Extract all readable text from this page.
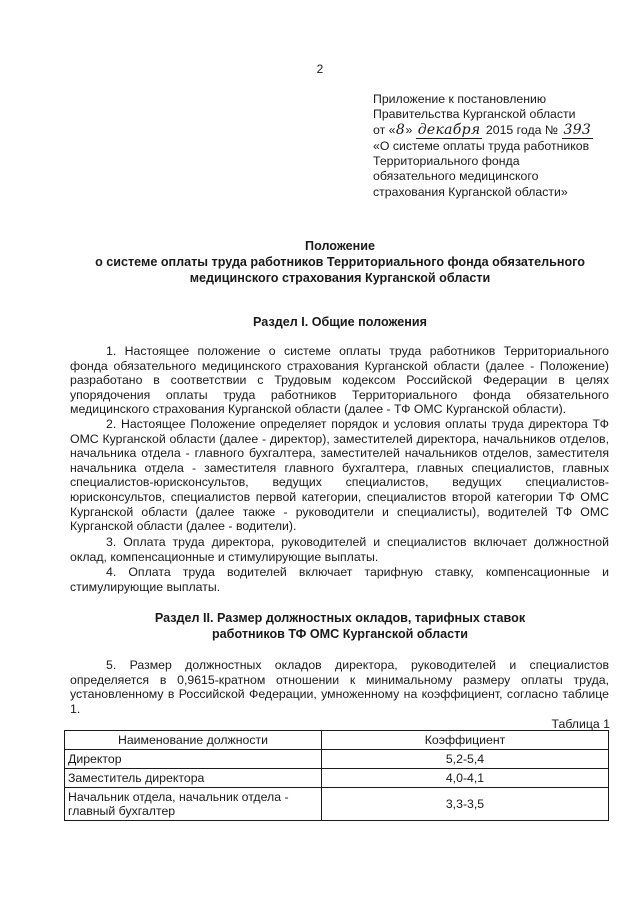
2
Приложение к постановлению
Правительства Курганской области
от «8» декабря 2015 года № 393
«О системе оплаты труда работников
Территориального фонда
обязательного медицинского
страхования Курганской области»
Положение
о системе оплаты труда работников Территориального фонда обязательного
медицинского страхования Курганской области
Раздел I. Общие положения
1. Настоящее положение о системе оплаты труда работников Территориального фонда обязательного медицинского страхования Курганской области (далее - Положение) разработано в соответствии с Трудовым кодексом Российской Федерации в целях упорядочения оплаты труда работников Территориального фонда обязательного медицинского страхования Курганской области (далее - ТФ ОМС Курганской области).
2. Настоящее Положение определяет порядок и условия оплаты труда директора ТФ ОМС Курганской области (далее - директор), заместителей директора, начальников отделов, начальника отдела - главного бухгалтера, заместителей начальников отделов, заместителя начальника отдела - заместителя главного бухгалтера, главных специалистов, главных специалистов-юрисконсультов, ведущих специалистов, ведущих специалистов-юрисконсультов, специалистов первой категории, специалистов второй категории ТФ ОМС Курганской области (далее также - руководители и специалисты), водителей ТФ ОМС Курганской области (далее - водители).
3. Оплата труда директора, руководителей и специалистов включает должностной оклад, компенсационные и стимулирующие выплаты.
4. Оплата труда водителей включает тарифную ставку, компенсационные и стимулирующие выплаты.
Раздел II. Размер должностных окладов, тарифных ставок
работников ТФ ОМС Курганской области
5. Размер должностных окладов директора, руководителей и специалистов определяется в 0,9615-кратном отношении к минимальному размеру оплаты труда, установленному в Российской Федерации, умноженному на коэффициент, согласно таблице 1.
Таблица 1
Наименование должности	Коэффициент
Директор	5,2-5,4
Заместитель директора	4,0-4,1
Начальник отдела, начальник отдела - главный бухгалтер	3,3-3,5
